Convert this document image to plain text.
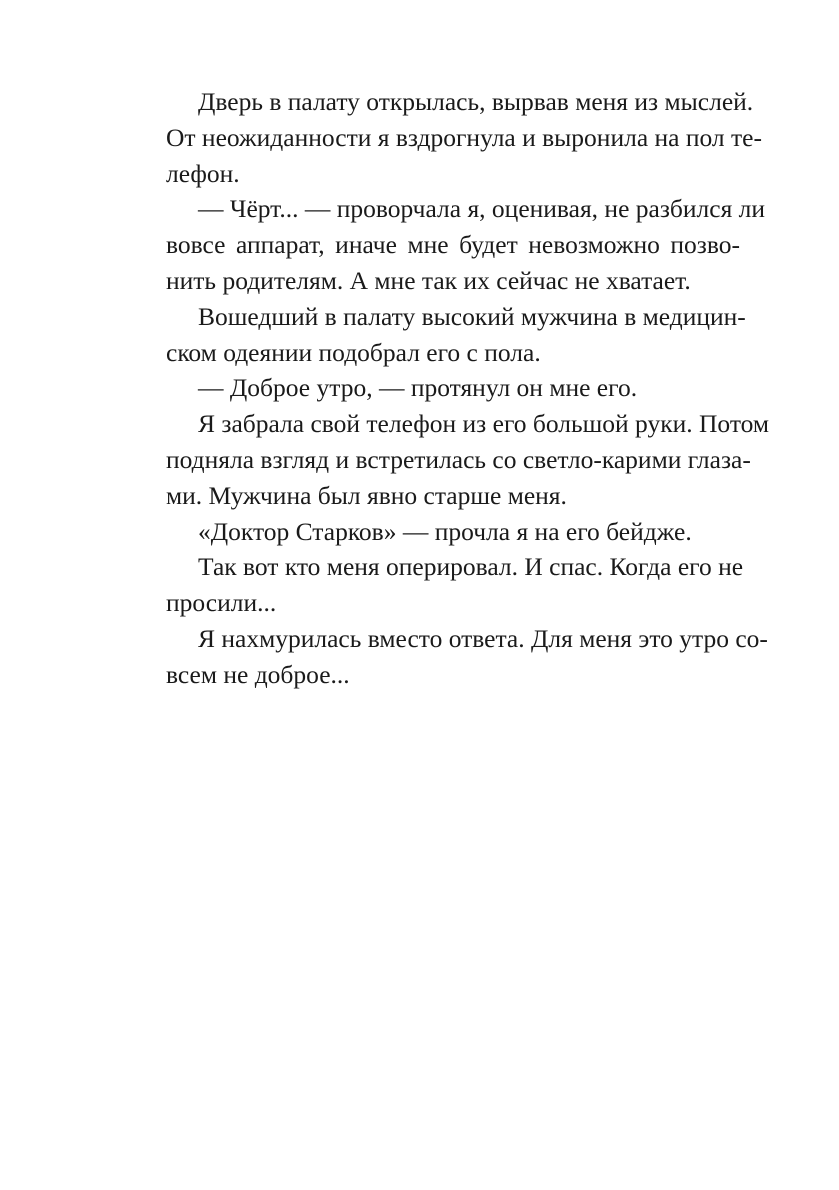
Дверь в палату открылась, вырвав меня из мыслей.
От неожиданности я вздрогнула и выронила на пол те-
лефон.
— Чёрт... — проворчала я, оценивая, не разбился ли
вовсе аппарат, иначе мне будет невозможно позво-
нить родителям. А мне так их сейчас не хватает.
Вошедший в палату высокий мужчина в медицин-
ском одеянии подобрал его с пола.
— Доброе утро, — протянул он мне его.
Я забрала свой телефон из его большой руки. Потом
подняла взгляд и встретилась со светло-карими глаза-
ми. Мужчина был явно старше меня.
«Доктор Старков» — прочла я на его бейдже.
Так вот кто меня оперировал. И спас. Когда его не
просили...
Я нахмурилась вместо ответа. Для меня это утро со-
всем не доброе...
